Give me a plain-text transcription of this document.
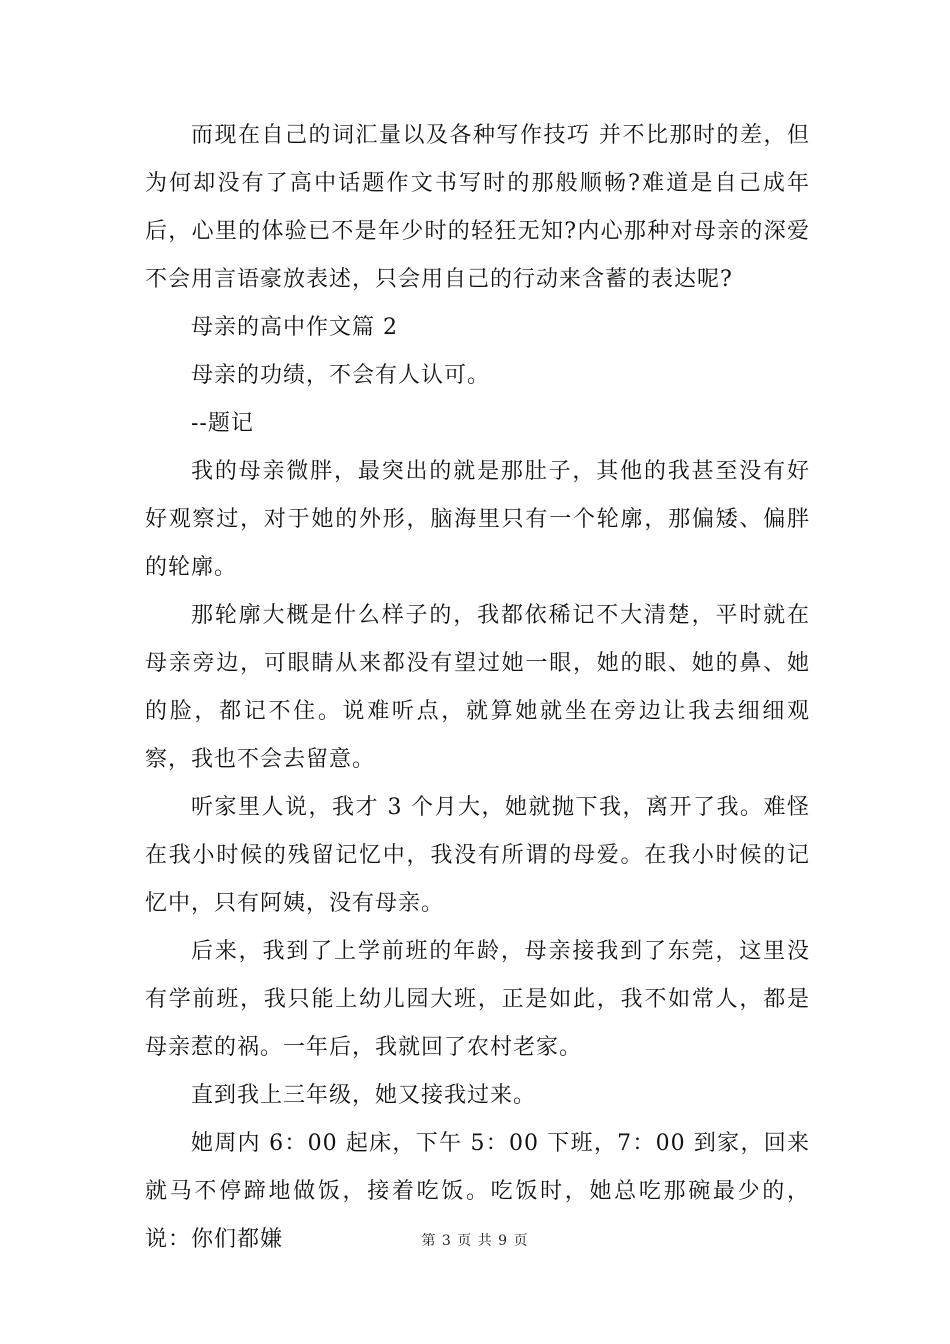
而现在自己的词汇量以及各种写作技巧 并不比那时的差，但为何却没有了高中话题作文书写时的那般顺畅?难道是自己成年后，心里的体验已不是年少时的轻狂无知?内心那种对母亲的深爱不会用言语豪放表述，只会用自己的行动来含蓄的表达呢?

母亲的高中作文篇 2

母亲的功绩，不会有人认可。

--题记

我的母亲微胖，最突出的就是那肚子，其他的我甚至没有好好观察过，对于她的外形，脑海里只有一个轮廓，那偏矮、偏胖的轮廓。

那轮廓大概是什么样子的，我都依稀记不大清楚，平时就在母亲旁边，可眼睛从来都没有望过她一眼，她的眼、她的鼻、她的脸，都记不住。说难听点，就算她就坐在旁边让我去细细观察，我也不会去留意。

听家里人说，我才 3 个月大，她就抛下我，离开了我。难怪在我小时候的残留记忆中，我没有所谓的母爱。在我小时候的记忆中，只有阿姨，没有母亲。

后来，我到了上学前班的年龄，母亲接我到了东莞，这里没有学前班，我只能上幼儿园大班，正是如此，我不如常人，都是母亲惹的祸。一年后，我就回了农村老家。

直到我上三年级，她又接我过来。

她周内 6：00 起床，下午 5：00 下班，7：00 到家，回来就马不停蹄地做饭，接着吃饭。吃饭时，她总吃那碗最少的，说：你们都嫌	第 3 页 共 9 页
